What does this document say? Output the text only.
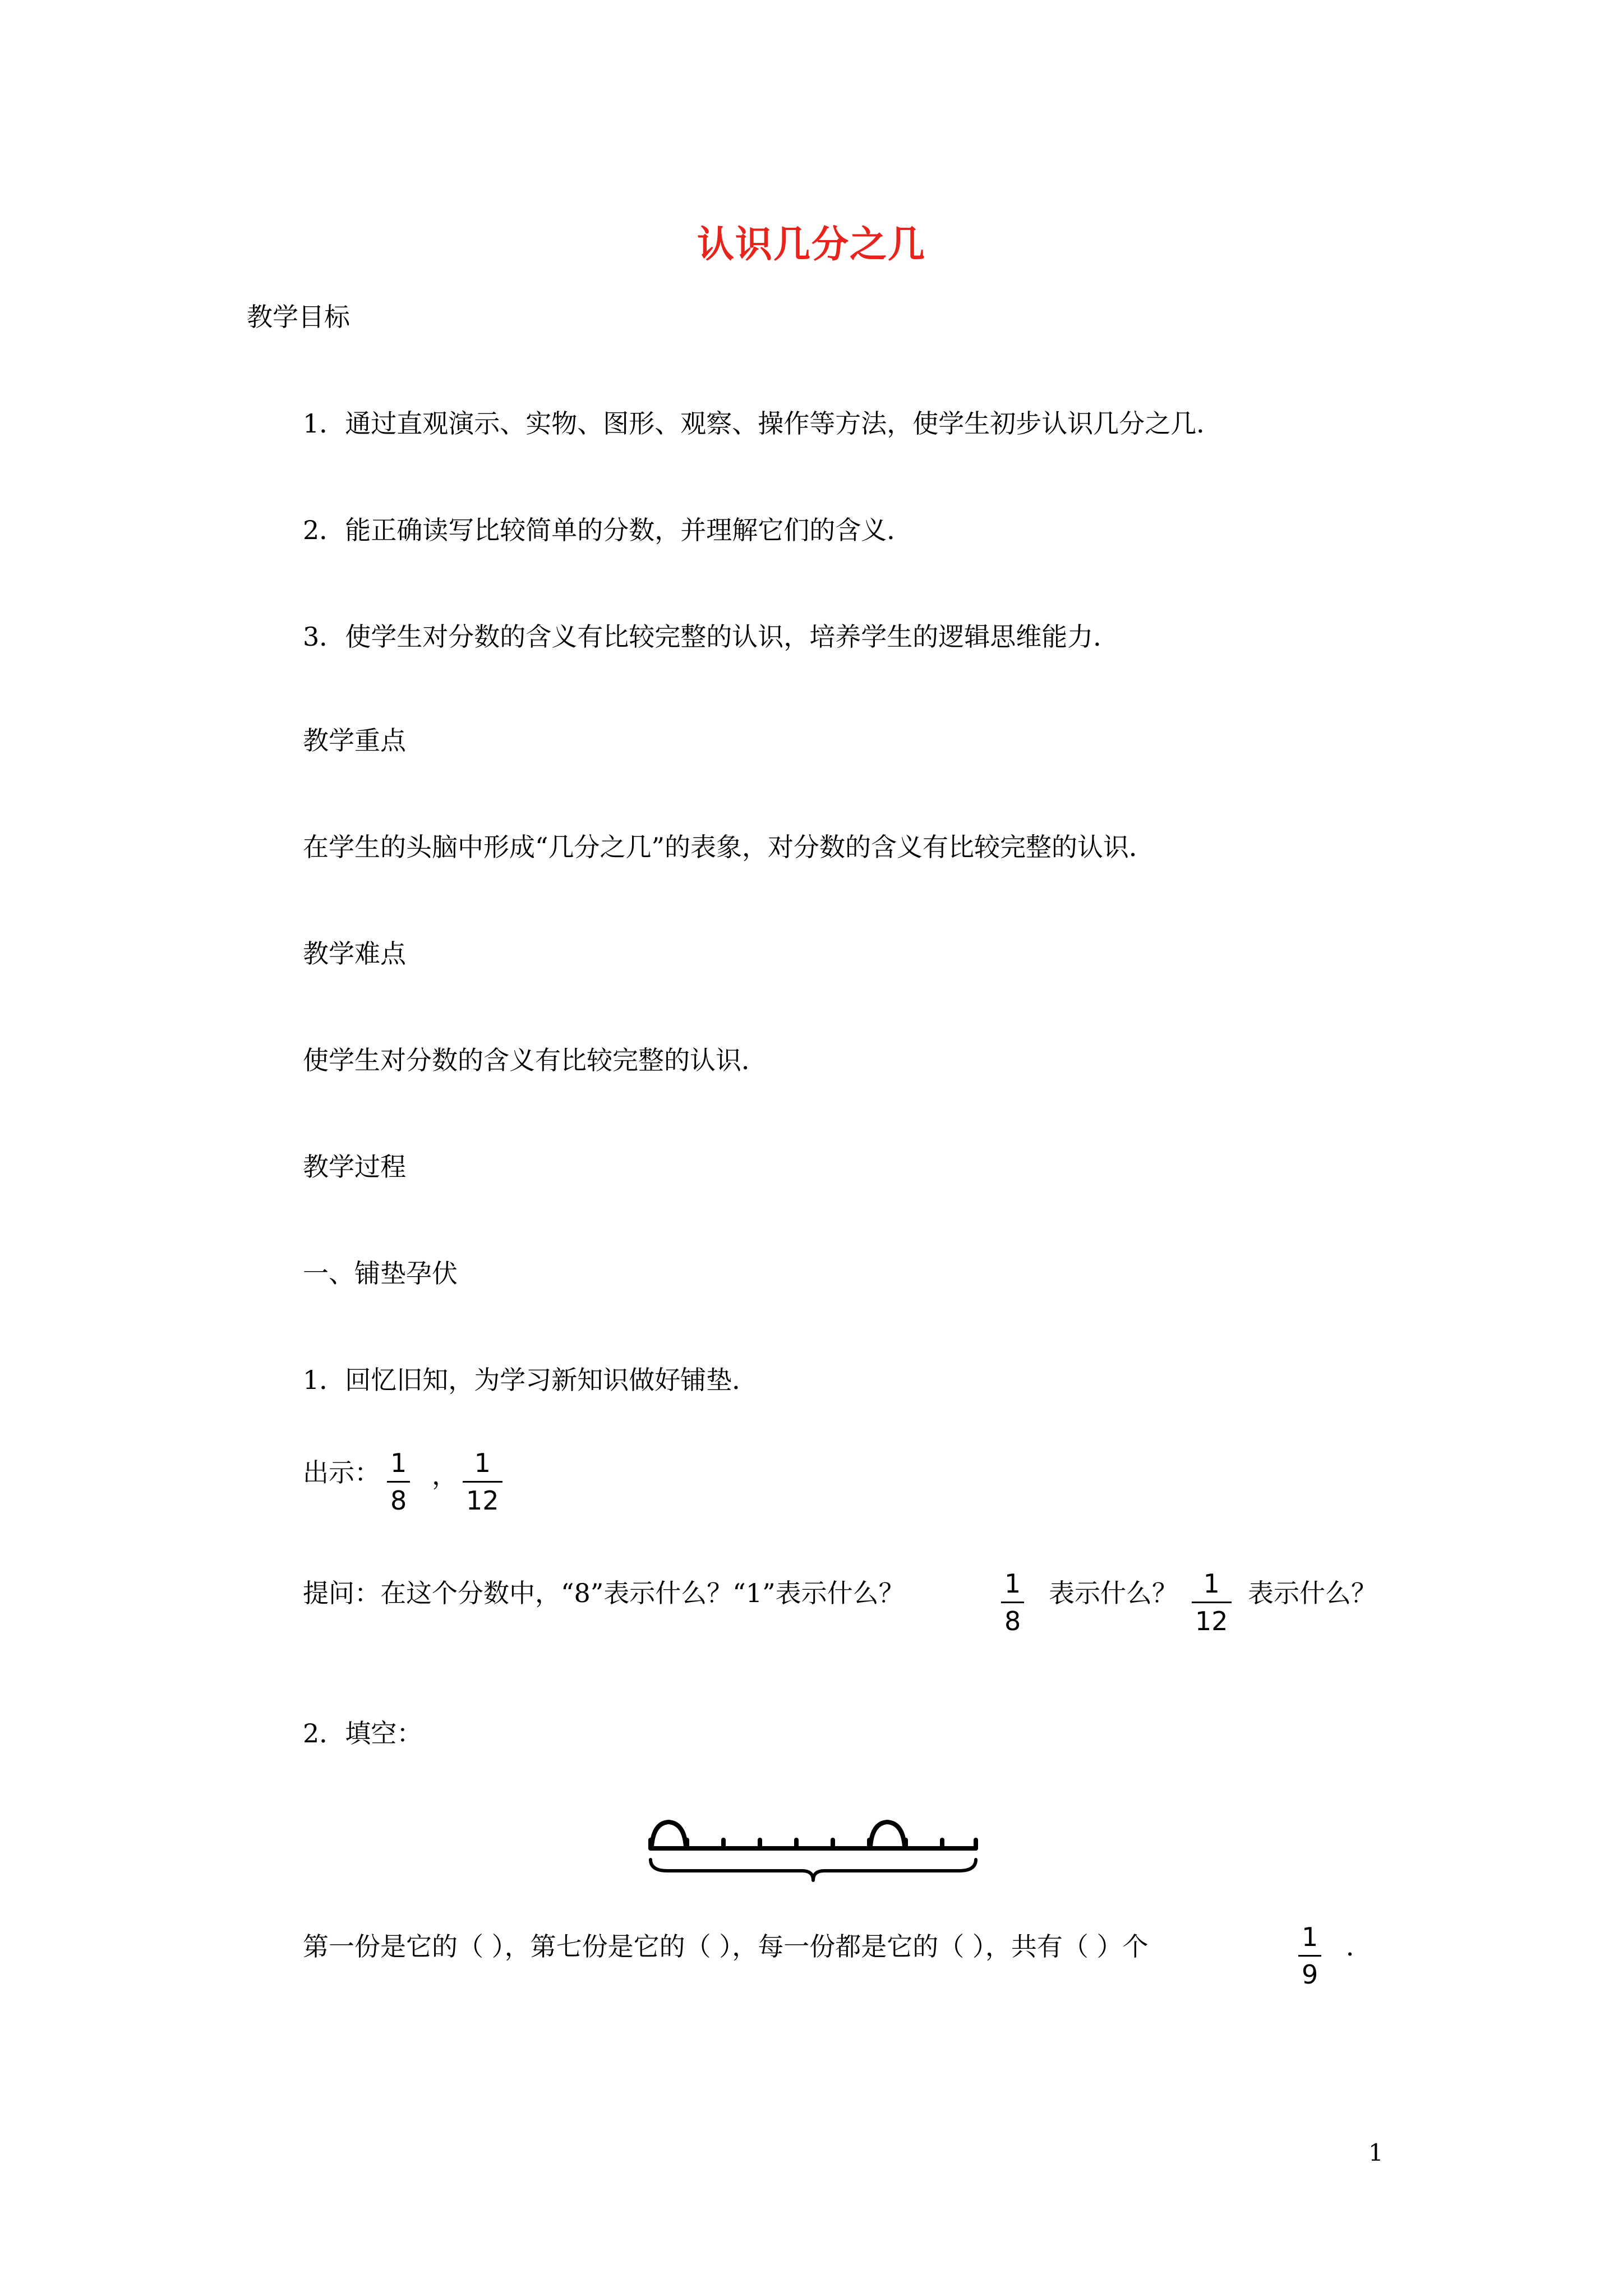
认识几分之几
教学目标
1．通过直观演示、实物、图形、观察、操作等方法，使学生初步认识几分之几．
2．能正确读写比较简单的分数，并理解它们的含义．
3．使学生对分数的含义有比较完整的认识，培养学生的逻辑思维能力．
教学重点
在学生的头脑中形成“几分之几”的表象，对分数的含义有比较完整的认识．
教学难点
使学生对分数的含义有比较完整的认识．
教学过程
一、铺垫孕伏
1．回忆旧知，为学习新知识做好铺垫．
出示： 1
8
， 1
12
提问：在这个分数中，“8”表示什么？“1”表示什么？	1
8
表示什么？ 1
12
表示什么？
2．填空：
第一份是它的（ ），第七份是它的（ ），每一份都是它的（ ），共有（ ）个	1
9
．
1
